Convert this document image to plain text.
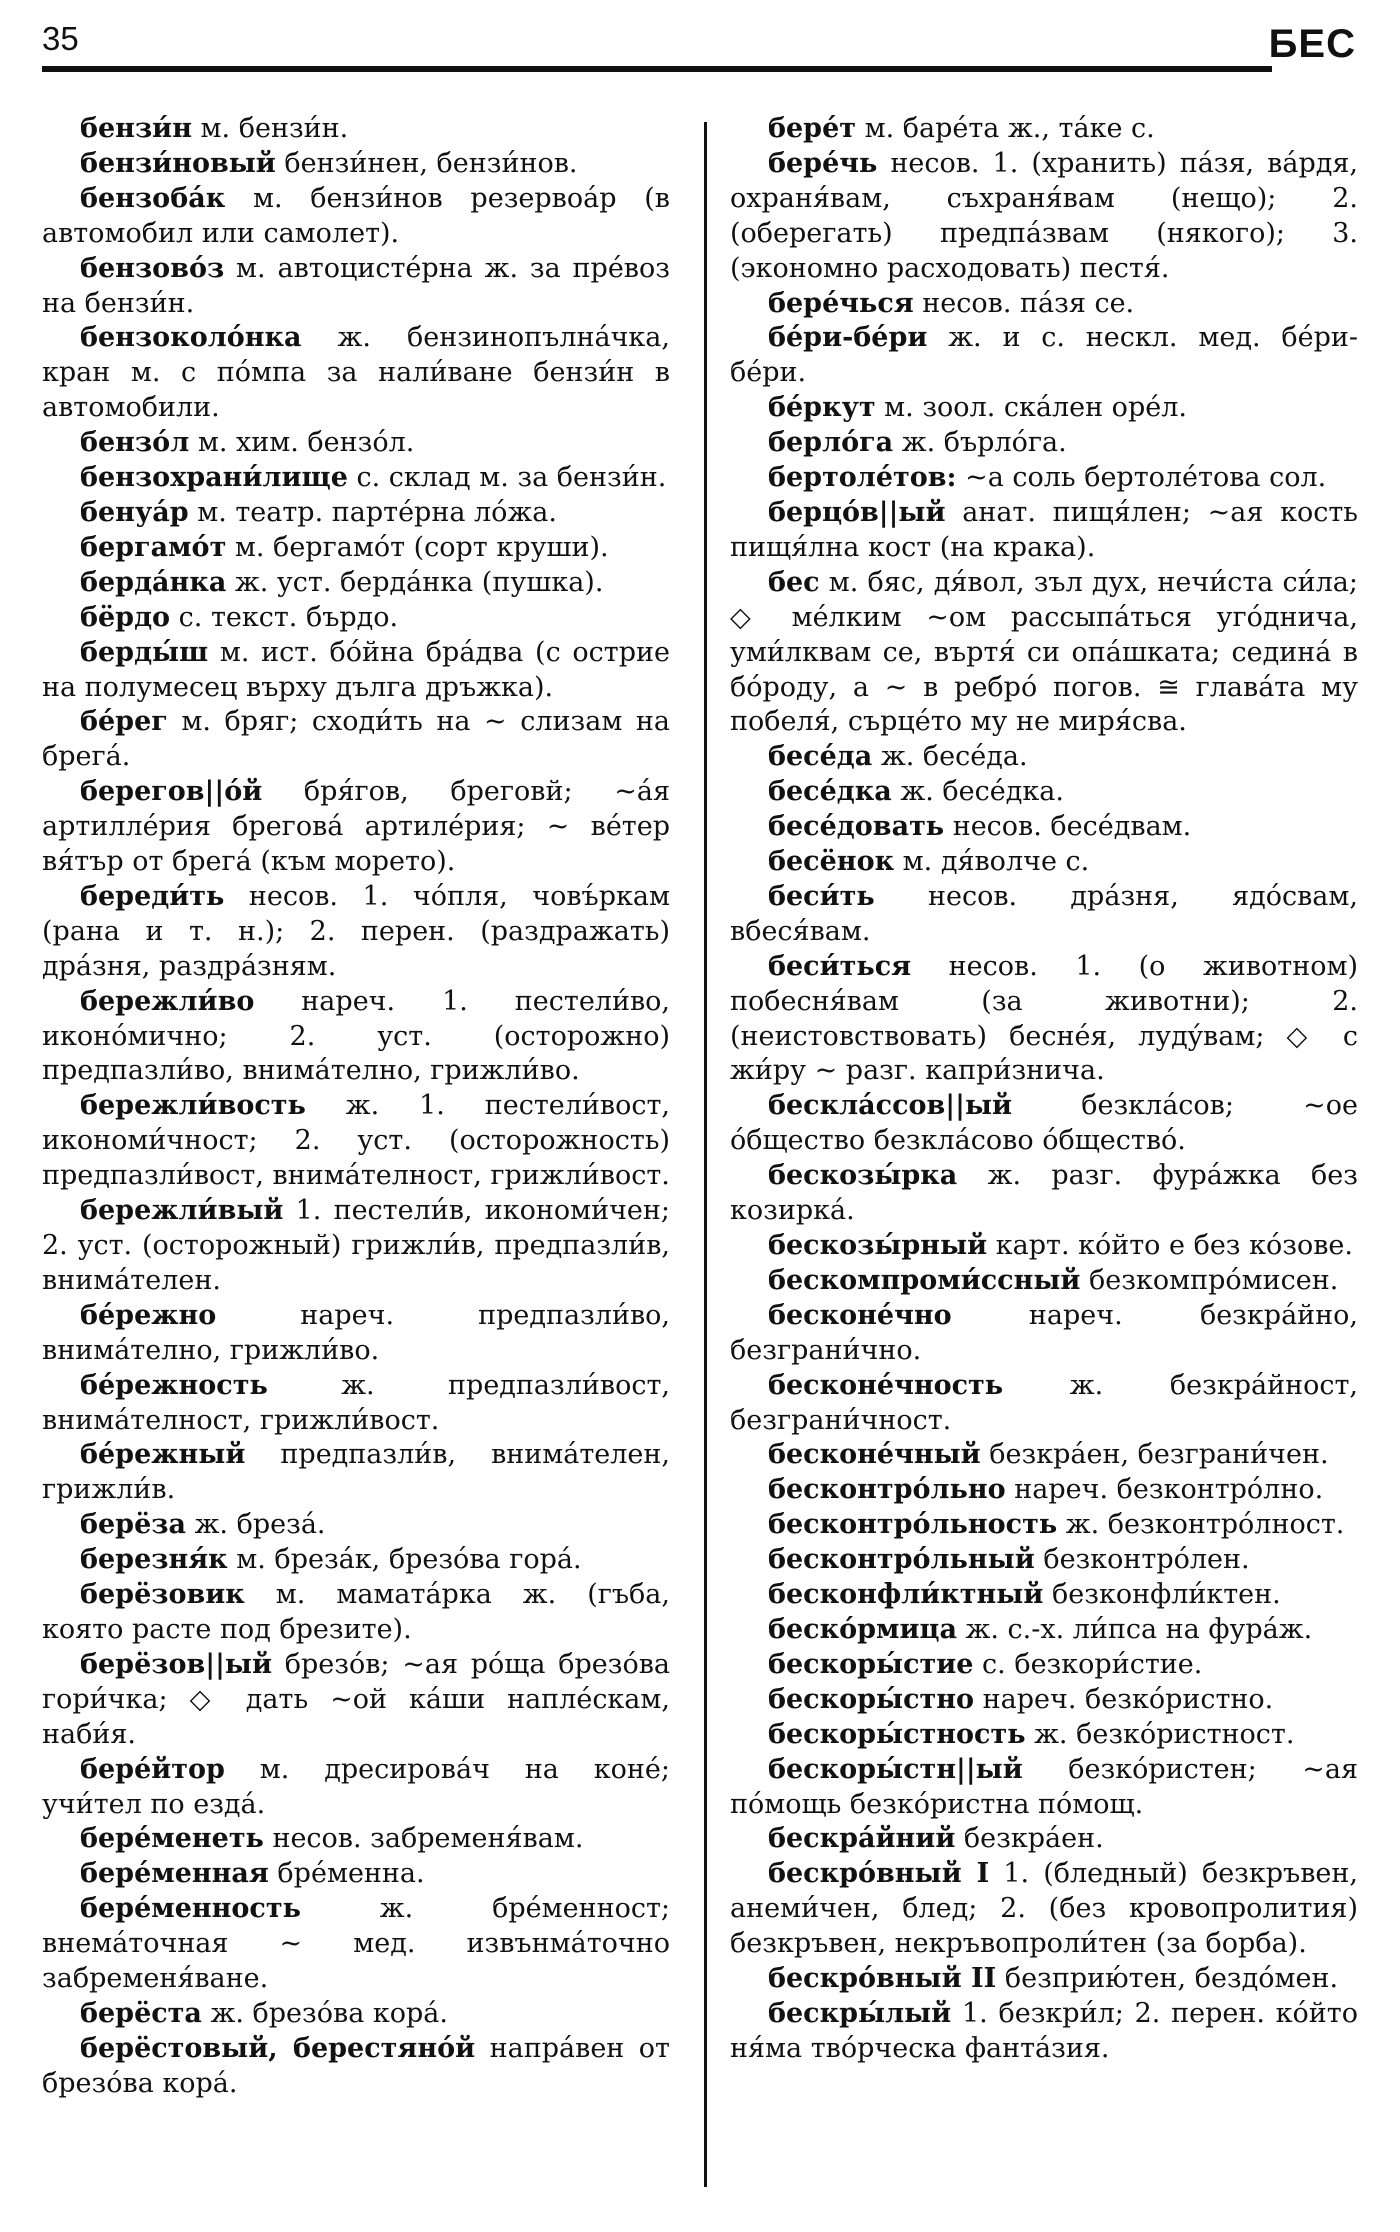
35	БЕС

бензи́н м. бензи́н.

бензи́новый бензи́нен, бензи́нов.

бензоба́к м. бензи́нов резервоа́р (в автомобил или самолет).

бензово́з м. автоцисте́рна ж. за пре́воз на бензи́н.

бензоколо́нка ж. бензинопълна́чка, кран м. с по́мпа за нали́ване бензи́н в автомобили.

бензо́л м. хим. бензо́л.

бензохрани́лище с. склад м. за бензи́н.

бенуа́р м. театр. парте́рна ло́жа.

бергамо́т м. бергамо́т (сорт круши).

берда́нка ж. уст. берда́нка (пушка).

бёрдо с. текст. бърдо.

берды́ш м. ист. бо́йна бра́два (с острие на полумесец върху дълга дръжка).

бе́рег м. бряг; сходи́ть на ~ слизам на брега́.

берегов||о́й бря́гов, бреговй; ~а́я артилле́рия бреговá артиле́рия; ~ ве́тер вя́тър от брегá (към морето).

береди́ть несов. 1. чо́пля, човъ́ркам (рана и т. н.); 2. перен. (раздражать) дра́зня, раздра́зням.

бережли́во нареч. 1. пестели́во, иконо́мично; 2. уст. (осторожно) предпазли́во, внима́телно, грижли́во.

бережли́вость ж. 1. пестели́вост, икономи́чност; 2. уст. (осторожность) предпазли́вост, внима́телност, грижли́вост.

бережли́вый 1. пестели́в, икономи́чен; 2. уст. (осторожный) грижли́в, предпазли́в, внима́телен.

бе́режно нареч. предпазли́во, внима́телно, грижли́во.

бе́режность ж. предпазли́вост, внима́телност, грижли́вост.

бе́режный предпазли́в, внима́телен, грижли́в.

берёза ж. брезá.

березня́к м. бреза́к, брезо́ва горá.

берёзовик м. мамата́рка ж. (гъба, която расте под брезите).

берёзов||ый брезо́в; ~ая ро́ща брезо́ва гори́чка; ◇ дать ~ой ка́ши напле́скам, наби́я.

бере́йтор м. дресирова́ч на коне́; учи́тел по ездá.

бере́менеть несов. забременя́вам.

бере́менная бре́менна.

бере́менность ж. бре́менност; внема́точная ~ мед. извънма́точно забременя́ване.

берёста ж. брезо́ва корá.

берёстовый, берестяно́й напра́вен от брезо́ва корá.

бере́т м. баре́та ж., та́ке с.

бере́чь несов. 1. (хранить) пáзя, ва́рдя, охраня́вам, съхраня́вам (нещо); 2. (оберегать) предпа́звам (някого); 3. (экономно расходовать) пестя́.

бере́чься несов. па́зя се.

бе́ри-бе́ри ж. и с. нескл. мед. бе́ри-бе́ри.

бе́ркут м. зоол. ска́лен орéл.

берло́га ж. бърло́га.

бертоле́тов: ~а соль бертоле́това сол.

берцо́в||ый анат. пищя́лен; ~ая кость пищя́лна кост (на крака).

бес м. бяс, дя́вол, зъл дух, нечи́ста си́ла; ◇ ме́лким ~ом рассыпа́ться уго́днича, уми́лквам се, въртя́ си опа́шката; седина́ в бо́роду, а ~ в ребро́ погов. ≅ глава́та му побеля́, сърце́то му не миря́сва.

бесе́да ж. бесе́да.

бесе́дка ж. бесе́дка.

бесе́довать несов. бесе́двам.

бесёнок м. дя́волче с.

беси́ть несов. дра́зня, ядо́свам, вбеся́вам.

беси́ться несов. 1. (о животном) побесня́вам (за животни); 2. (неистовствовать) бесне́я, лудýвам; ◇ с жи́ру ~ разг. капри́знича.

бескла́ссов||ый безкла́сов; ~ое о́бщество безкла́сово о́бщество́.

бескозы́рка ж. разг. фура́жка без козиркá.

бескозы́рный карт. ко́йто е без ко́зове.

бескомпроми́ссный безкомпро́мисен.

бесконе́чно нареч. безкра́йно, безграни́чно.

бесконе́чность ж. безкра́йност, безграни́чност.

бесконе́чный безкра́ен, безграни́чен.

бесконтро́льно нареч. безконтро́лно.

бесконтро́льность ж. безконтро́лност.

бесконтро́льный безконтро́лен.

бесконфли́ктный безконфли́ктен.

беско́рмица ж. с.-х. ли́пса на фура́ж.

бескоры́стие с. безкори́стие.

бескоры́стно нареч. безко́ристно.

бескоры́стность ж. безко́ристност.

бескоры́стн||ый безко́ристен; ~ая по́мощь безко́ристна по́мощ.

бескра́йний безкра́ен.

бескро́вный I 1. (бледный) безкръвен, анеми́чен, блед; 2. (без кровопролития) безкръвен, некръвопроли́тен (за борба).

бескро́вный II безприю́тен, бездо́мен.

бескры́лый 1. безкри́л; 2. перен. ко́йто ня́ма тво́рческа фанта́зия.
